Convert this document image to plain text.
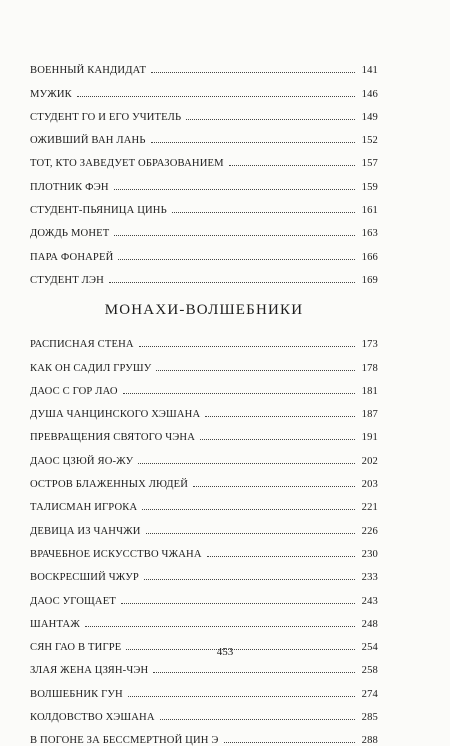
ВОЕННЫЙ КАНДИДАТ	141
МУЖИК	146
СТУДЕНТ ГО И ЕГО УЧИТЕЛЬ	149
ОЖИВШИЙ ВАН ЛАНЬ	152
ТОТ, КТО ЗАВЕДУЕТ ОБРАЗОВАНИЕМ	157
ПЛОТНИК ФЭН	159
СТУДЕНТ-ПЬЯНИЦА ЦИНЬ	161
ДОЖДЬ МОНЕТ	163
ПАРА ФОНАРЕЙ	166
СТУДЕНТ ЛЭН	169
МОНАХИ-ВОЛШЕБНИКИ
РАСПИСНАЯ СТЕНА	173
КАК ОН САДИЛ ГРУШУ	178
ДАОС С ГОР ЛАО	181
ДУША ЧАНЦИНСКОГО ХЭШАНА	187
ПРЕВРАЩЕНИЯ СВЯТОГО ЧЭНА	191
ДАОС ЦЗЮЙ ЯО-ЖУ	202
ОСТРОВ БЛАЖЕННЫХ ЛЮДЕЙ	203
ТАЛИСМАН ИГРОКА	221
ДЕВИЦА ИЗ ЧАНЧЖИ	226
ВРАЧЕБНОЕ ИСКУССТВО ЧЖАНА	230
ВОСКРЕСШИЙ ЧЖУР	233
ДАОС УГОЩАЕТ	243
ШАНТАЖ	248
СЯН ГАО В ТИГРЕ	254
ЗЛАЯ ЖЕНА ЦЗЯН-ЧЭН	258
ВОЛШЕБНИК ГУН	274
КОЛДОВСТВО ХЭШАНА	285
В ПОГОНЕ ЗА БЕССМЕРТНОЙ ЦИН Э	288
453
